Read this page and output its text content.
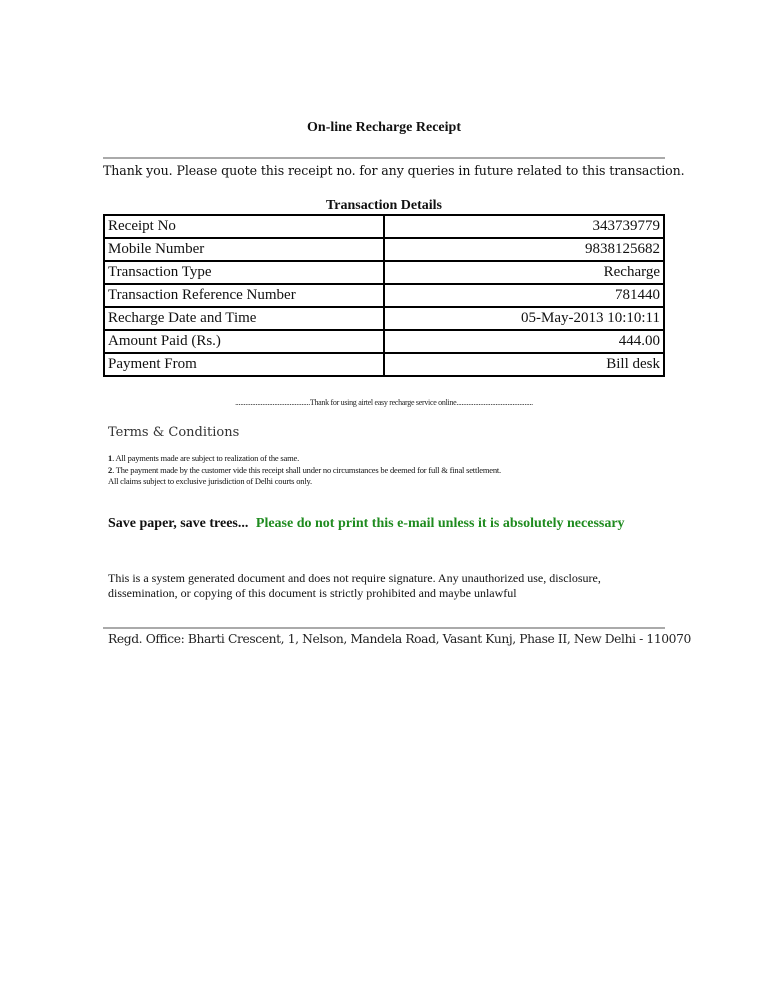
On-line Recharge Receipt
Thank you. Please quote this receipt no. for any queries in future related to this transaction.
Transaction Details
Receipt No	343739779
Mobile Number	9838125682
Transaction Type	Recharge
Transaction Reference Number	781440
Recharge Date and Time	05-May-2013 10:10:11
Amount Paid (Rs.)	444.00
Payment From	Bill desk
............................................Thank for using airtel easy recharge service online.............................................
Terms & Conditions
1. All payments made are subject to realization of the same.
2. The payment made by the customer vide this receipt shall under no circumstances be deemed for full & final settlement.
All claims subject to exclusive jurisdiction of Delhi courts only.
Save paper, save trees... Please do not print this e-mail unless it is absolutely necessary
This is a system generated document and does not require signature. Any unauthorized use, disclosure, dissemination, or copying of this document is strictly prohibited and maybe unlawful
Regd. Office: Bharti Crescent, 1, Nelson, Mandela Road, Vasant Kunj, Phase II, New Delhi - 110070
